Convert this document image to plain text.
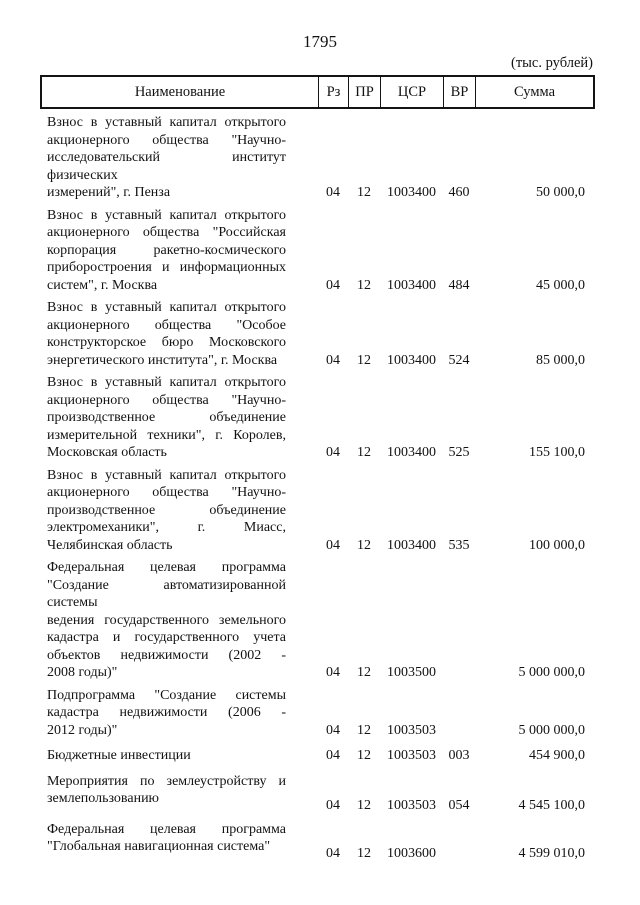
1795
(тыс. рублей)
Наименование	Рз	ПР	ЦСР	ВР	Сумма
Взнос в уставный капитал открытого
акционерного общества "Научно-
исследовательский институт физических
измерений", г. Пенза	04	12	1003400 460	50 000,0
Взнос в уставный капитал открытого
акционерного общества "Российская
корпорация ракетно-космического
приборостроения и информационных
систем", г. Москва	04	12	1003400 484	45 000,0
Взнос в уставный капитал открытого
акционерного общества "Особое
конструкторское бюро Московского
энергетического института", г. Москва	04	12	1003400 524	85 000,0
Взнос в уставный капитал открытого
акционерного общества "Научно-
производственное объединение
измерительной техники", г. Королев,
Московская область	04	12	1003400 525	155 100,0
Взнос в уставный капитал открытого
акционерного общества "Научно-
производственное объединение
электромеханики", г. Миасс,
Челябинская область	04	12	1003400 535	100 000,0
Федеральная целевая программа
"Создание автоматизированной системы
ведения государственного земельного
кадастра и государственного учета
объектов недвижимости (2002 -
2008 годы)"	04	12	1003500	5 000 000,0
Подпрограмма "Создание системы
кадастра недвижимости (2006 -
2012 годы)"	04	12	1003503	5 000 000,0
Бюджетные инвестиции	04	12	1003503 003	454 900,0
Мероприятия по землеустройству и
землепользованию	04	12	1003503 054	4 545 100,0
Федеральная целевая программа
"Глобальная навигационная система"	04	12	1003600	4 599 010,0
